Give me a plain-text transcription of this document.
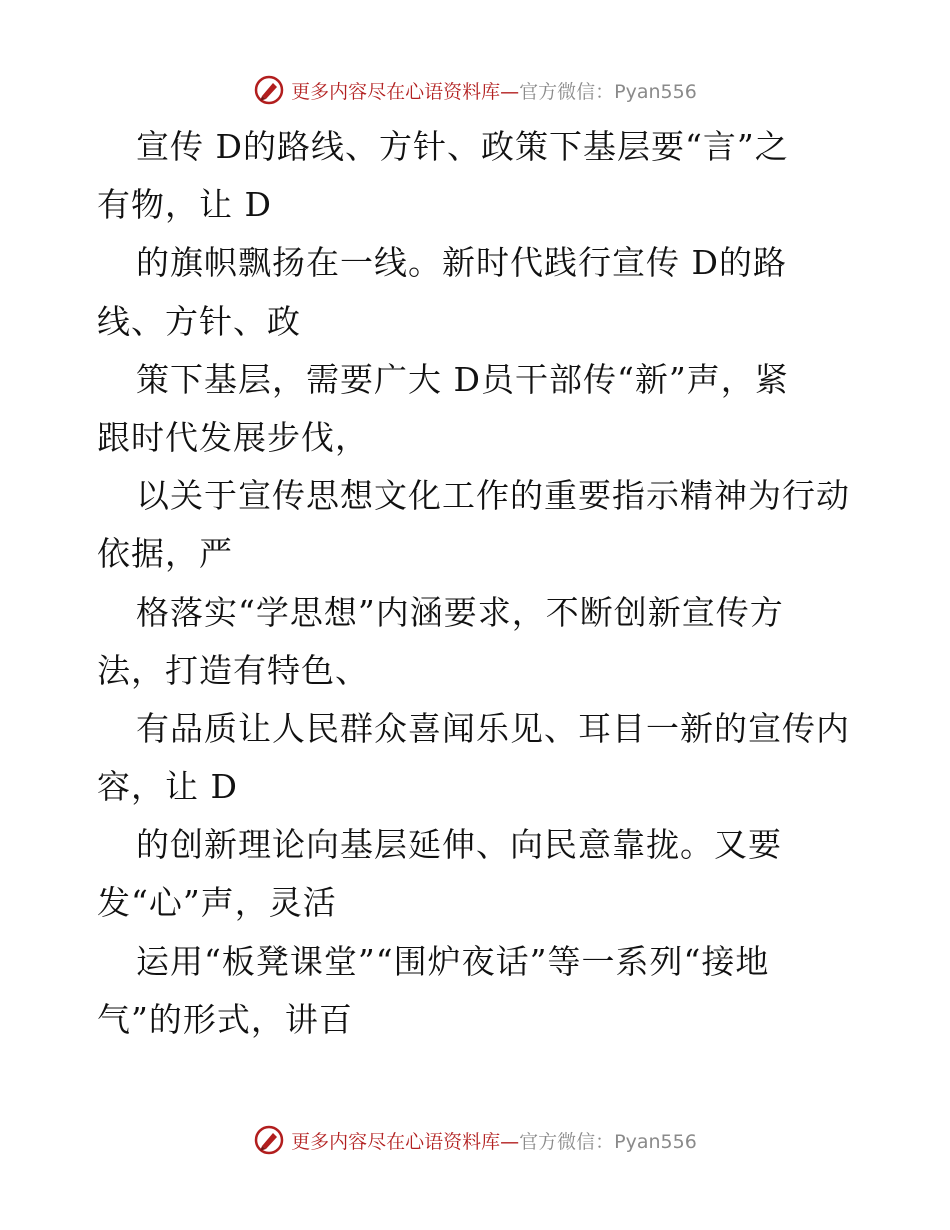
更多内容尽在心语资料库—官方微信：Pyan556
宣传 D的路线、方针、政策下基层要“言”之
有物，让 D
的旗帜飘扬在一线。新时代践行宣传 D的路
线、方针、政
策下基层，需要广大 D员干部传“新”声，紧
跟时代发展步伐，
以关于宣传思想文化工作的重要指示精神为行动
依据，严
格落实“学思想”内涵要求，不断创新宣传方
法，打造有特色、
有品质让人民群众喜闻乐见、耳目一新的宣传内
容，让 D
的创新理论向基层延伸、向民意靠拢。又要
发“心”声，灵活
运用“板凳课堂”“围炉夜话”等一系列“接地
气”的形式，讲百
更多内容尽在心语资料库—官方微信：Pyan556
